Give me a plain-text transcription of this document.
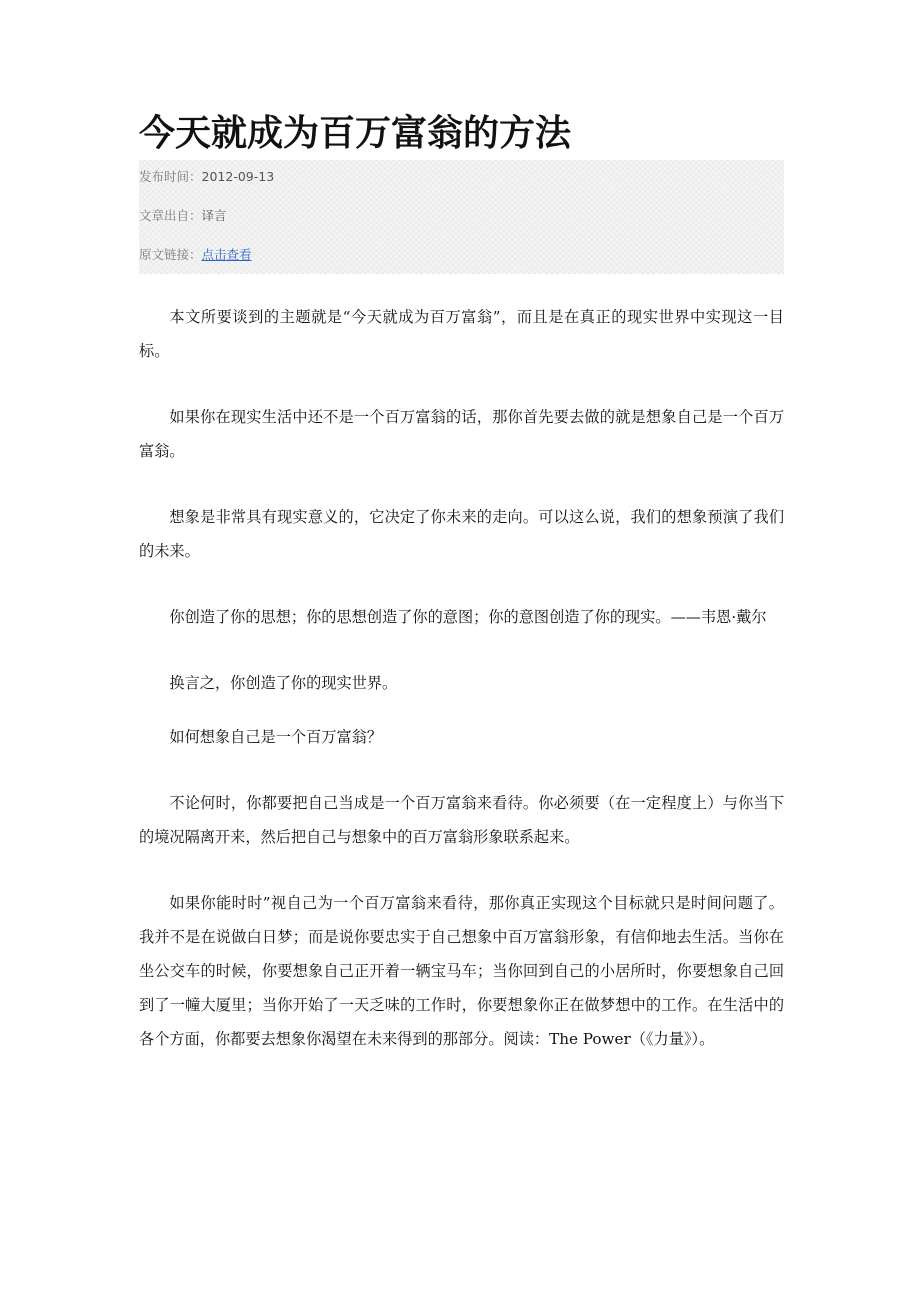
今天就成为百万富翁的方法
发布时间：2012-09-13
文章出自：译言
原文链接：点击查看

本文所要谈到的主题就是“今天就成为百万富翁”，而且是在真正的现实世界中实现这一目标。

如果你在现实生活中还不是一个百万富翁的话，那你首先要去做的就是想象自己是一个百万富翁。

想象是非常具有现实意义的，它决定了你未来的走向。可以这么说，我们的想象预演了我们的未来。

你创造了你的思想；你的思想创造了你的意图；你的意图创造了你的现实。——韦恩·戴尔

换言之，你创造了你的现实世界。

如何想象自己是一个百万富翁？

不论何时，你都要把自己当成是一个百万富翁来看待。你必须要（在一定程度上）与你当下的境况隔离开来，然后把自己与想象中的百万富翁形象联系起来。

如果你能时时”视自己为一个百万富翁来看待，那你真正实现这个目标就只是时间问题了。我并不是在说做白日梦；而是说你要忠实于自己想象中百万富翁形象，有信仰地去生活。当你在坐公交车的时候，你要想象自己正开着一辆宝马车；当你回到自己的小居所时，你要想象自己回到了一幢大厦里；当你开始了一天乏味的工作时，你要想象你正在做梦想中的工作。在生活中的各个方面，你都要去想象你渴望在未来得到的那部分。阅读：The Power（《力量》）。
